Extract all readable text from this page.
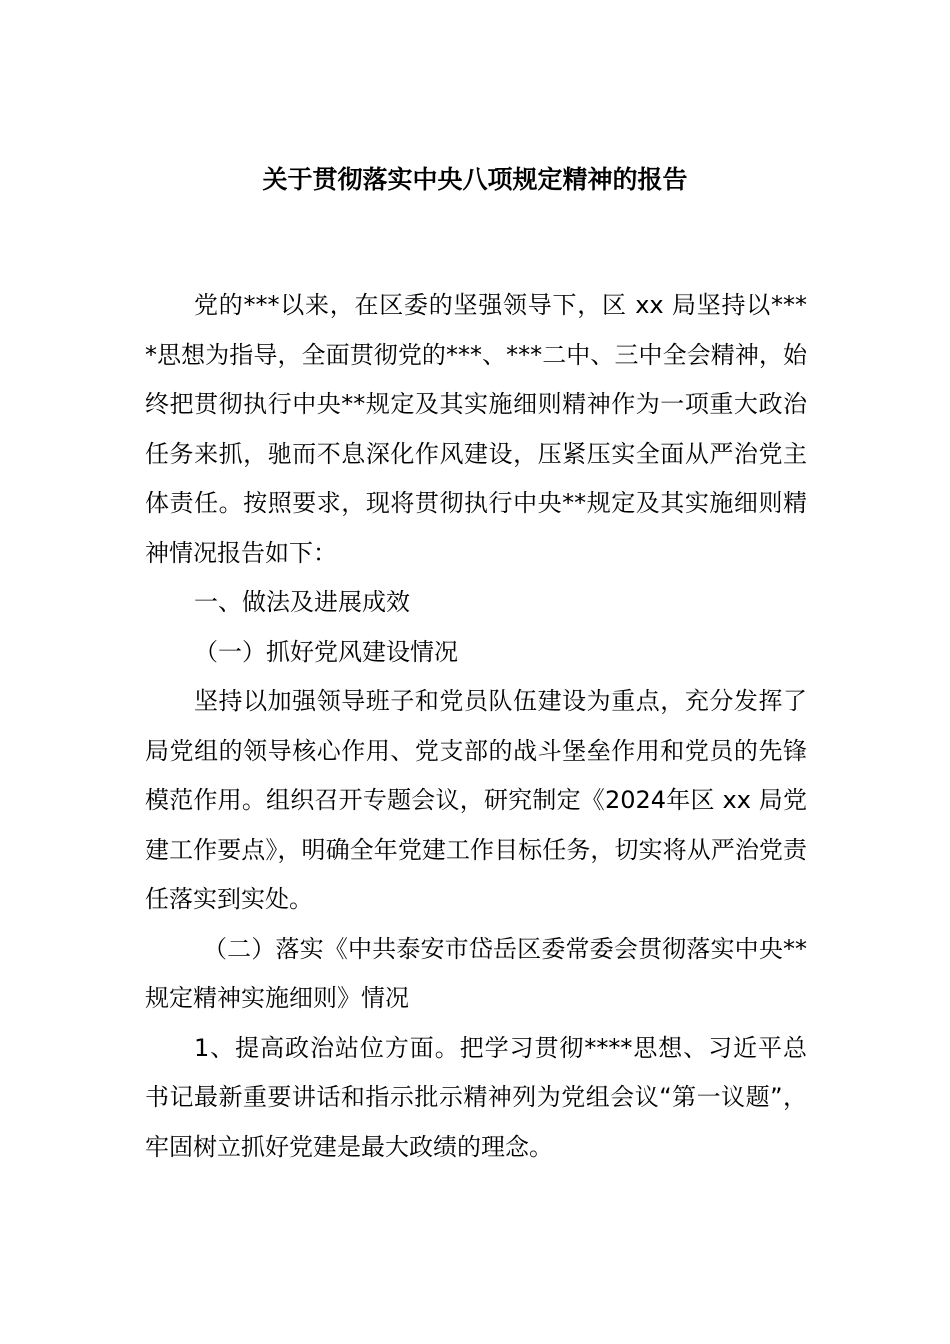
关于贯彻落实中央八项规定精神的报告

党的***以来，在区委的坚强领导下，区 xx 局坚持以*** *思想为指导，全面贯彻党的***、***二中、三中全会精神，始终把贯彻执行中央**规定及其实施细则精神作为一项重大政治任务来抓，驰而不息深化作风建设，压紧压实全面从严治党主体责任。按照要求，现将贯彻执行中央**规定及其实施细则精神情况报告如下：

一、做法及进展成效

（一）抓好党风建设情况

坚持以加强领导班子和党员队伍建设为重点，充分发挥了局党组的领导核心作用、党支部的战斗堡垒作用和党员的先锋模范作用。组织召开专题会议，研究制定《2024年区 xx 局党建工作要点》，明确全年党建工作目标任务，切实将从严治党责任落实到实处。

（二）落实《中共泰安市岱岳区委常委会贯彻落实中央**规定精神实施细则》情况

1、提高政治站位方面。把学习贯彻****思想、习近平总书记最新重要讲话和指示批示精神列为党组会议“第一议题”，牢固树立抓好党建是最大政绩的理念。
